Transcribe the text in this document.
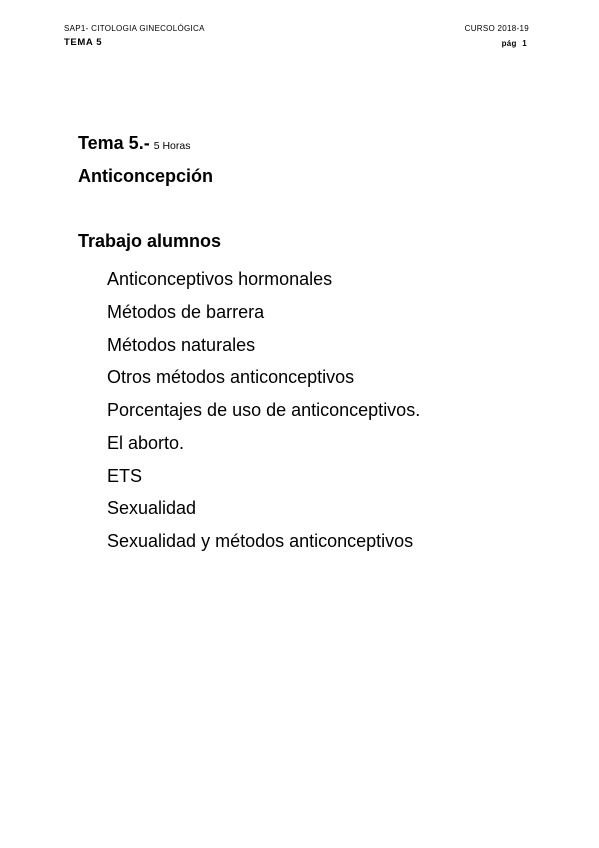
SAP1- CITOLOGIA GINECOLÓGICA
TEMA 5
CURSO 2018-19
pág 1
Tema 5.- 5 Horas
Anticoncepción
Trabajo alumnos
Anticonceptivos hormonales
Métodos de barrera
Métodos naturales
Otros métodos anticonceptivos
Porcentajes de uso de anticonceptivos.
El aborto.
ETS
Sexualidad
Sexualidad y métodos anticonceptivos
